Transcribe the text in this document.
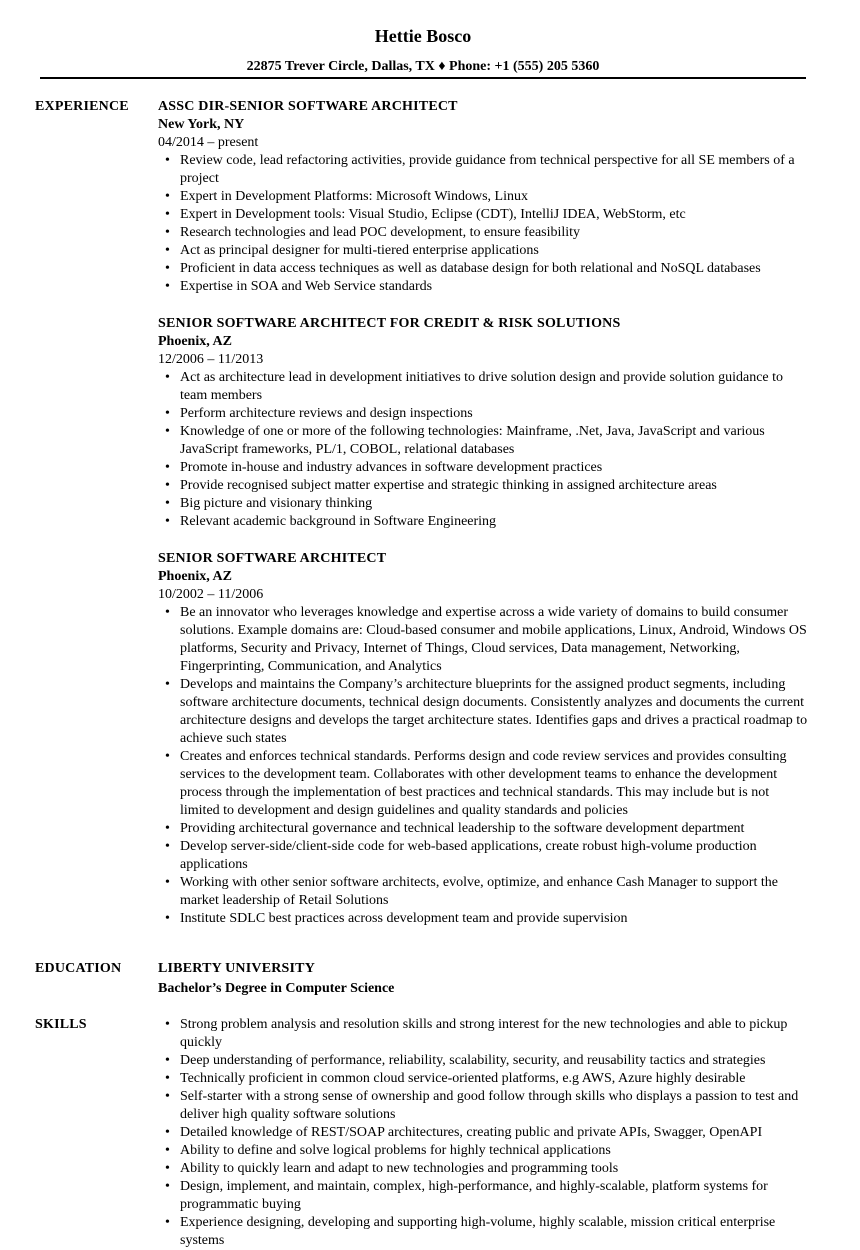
Hettie Bosco
22875 Trever Circle, Dallas, TX ♦ Phone: +1 (555) 205 5360
EXPERIENCE ASSC DIR-SENIOR SOFTWARE ARCHITECT
New York, NY
04/2014 – present
• Review code, lead refactoring activities, provide guidance from technical perspective for all SE members of a project
• Expert in Development Platforms: Microsoft Windows, Linux
• Expert in Development tools: Visual Studio, Eclipse (CDT), IntelliJ IDEA, WebStorm, etc
• Research technologies and lead POC development, to ensure feasibility
• Act as principal designer for multi-tiered enterprise applications
• Proficient in data access techniques as well as database design for both relational and NoSQL databases
• Expertise in SOA and Web Service standards
SENIOR SOFTWARE ARCHITECT FOR CREDIT & RISK SOLUTIONS
Phoenix, AZ
12/2006 – 11/2013
• Act as architecture lead in development initiatives to drive solution design and provide solution guidance to team members
• Perform architecture reviews and design inspections
• Knowledge of one or more of the following technologies: Mainframe, .Net, Java, JavaScript and various JavaScript frameworks, PL/1, COBOL, relational databases
• Promote in-house and industry advances in software development practices
• Provide recognised subject matter expertise and strategic thinking in assigned architecture areas
• Big picture and visionary thinking
• Relevant academic background in Software Engineering
SENIOR SOFTWARE ARCHITECT
Phoenix, AZ
10/2002 – 11/2006
• Be an innovator who leverages knowledge and expertise across a wide variety of domains to build consumer solutions. Example domains are: Cloud-based consumer and mobile applications, Linux, Android, Windows OS platforms, Security and Privacy, Internet of Things, Cloud services, Data management, Networking, Fingerprinting, Communication, and Analytics
• Develops and maintains the Company’s architecture blueprints for the assigned product segments, including software architecture documents, technical design documents. Consistently analyzes and documents the current architecture designs and develops the target architecture states. Identifies gaps and drives a practical roadmap to achieve such states
• Creates and enforces technical standards. Performs design and code review services and provides consulting services to the development team. Collaborates with other development teams to enhance the development process through the implementation of best practices and technical standards. This may include but is not limited to development and design guidelines and quality standards and policies
• Providing architectural governance and technical leadership to the software development department
• Develop server-side/client-side code for web-based applications, create robust high-volume production applications
• Working with other senior software architects, evolve, optimize, and enhance Cash Manager to support the market leadership of Retail Solutions
• Institute SDLC best practices across development team and provide supervision
EDUCATION	LIBERTY UNIVERSITY
Bachelor’s Degree in Computer Science
SKILLS
•	Strong problem analysis and resolution skills and strong interest for the new technologies and able to pickup quickly
• Deep understanding of performance, reliability, scalability, security, and reusability tactics and strategies
• Technically proficient in common cloud service-oriented platforms, e.g AWS, Azure highly desirable
• Self-starter with a strong sense of ownership and good follow through skills who displays a passion to test and deliver high quality software solutions
• Detailed knowledge of REST/SOAP architectures, creating public and private APIs, Swagger, OpenAPI
• Ability to define and solve logical problems for highly technical applications
• Ability to quickly learn and adapt to new technologies and programming tools
• Design, implement, and maintain, complex, high-performance, and highly-scalable, platform systems for programmatic buying
• Experience designing, developing and supporting high-volume, highly scalable, mission critical enterprise systems
